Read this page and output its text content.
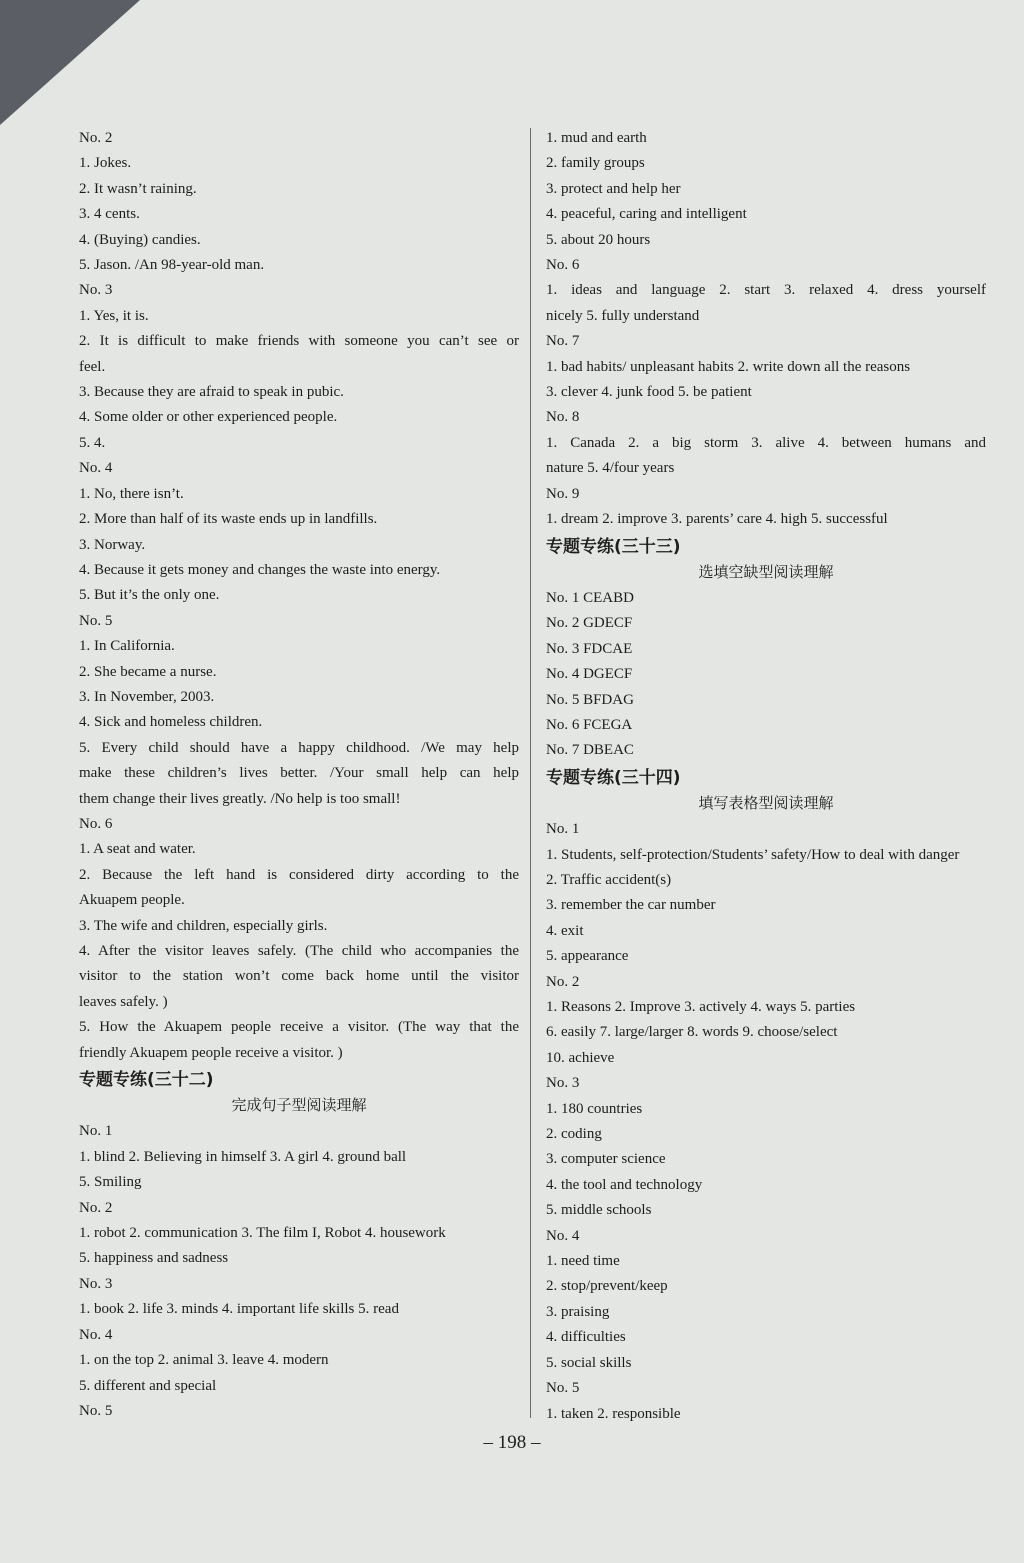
No. 2
1. Jokes.
2. It wasn’t raining.
3. 4 cents.
4. (Buying) candies.
5. Jason. /An 98-year-old man.
No. 3
1. Yes, it is.
2. It is difficult to make friends with someone you can’t see or
feel.
3. Because they are afraid to speak in pubic.
4. Some older or other experienced people.
5. 4.
No. 4
1. No, there isn’t.
2. More than half of its waste ends up in landfills.
3. Norway.
4. Because it gets money and changes the waste into energy.
5. But it’s the only one.
No. 5
1. In California.
2. She became a nurse.
3. In November, 2003.
4. Sick and homeless children.
5. Every child should have a happy childhood. /We may help
make these children’s lives better. /Your small help can help
them change their lives greatly. /No help is too small!
No. 6
1. A seat and water.
2. Because the left hand is considered dirty according to the
Akuapem people.
3. The wife and children, especially girls.
4. After the visitor leaves safely. (The child who accompanies the
visitor to the station won’t come back home until the visitor
leaves safely. )
5. How the Akuapem people receive a visitor. (The way that the
friendly Akuapem people receive a visitor. )
专题专练(三十二)
完成句子型阅读理解
No. 1
1. blind 2. Believing in himself 3. A girl 4. ground ball
5. Smiling
No. 2
1. robot 2. communication 3. The film I, Robot 4. housework
5. happiness and sadness
No. 3
1. book 2. life 3. minds 4. important life skills 5. read
No. 4
1. on the top 2. animal 3. leave 4. modern
5. different and special
No. 5
1. mud and earth
2. family groups
3. protect and help her
4. peaceful, caring and intelligent
5. about 20 hours
No. 6
1. ideas and language 2. start 3. relaxed 4. dress yourself
nicely 5. fully understand
No. 7
1. bad habits/ unpleasant habits 2. write down all the reasons
3. clever 4. junk food 5. be patient
No. 8
1. Canada 2. a big storm 3. alive 4. between humans and
nature 5. 4/four years
No. 9
1. dream 2. improve 3. parents’ care 4. high 5. successful
专题专练(三十三)
选填空缺型阅读理解
No. 1 CEABD
No. 2 GDECF
No. 3 FDCAE
No. 4 DGECF
No. 5 BFDAG
No. 6 FCEGA
No. 7 DBEAC
专题专练(三十四)
填写表格型阅读理解
No. 1
1. Students, self-protection/Students’ safety/How to deal with danger
2. Traffic accident(s)
3. remember the car number
4. exit
5. appearance
No. 2
1. Reasons 2. Improve 3. actively 4. ways 5. parties
6. easily 7. large/larger 8. words 9. choose/select
10. achieve
No. 3
1. 180 countries
2. coding
3. computer science
4. the tool and technology
5. middle schools
No. 4
1. need time
2. stop/prevent/keep
3. praising
4. difficulties
5. social skills
No. 5
1. taken 2. responsible
– 198 –
